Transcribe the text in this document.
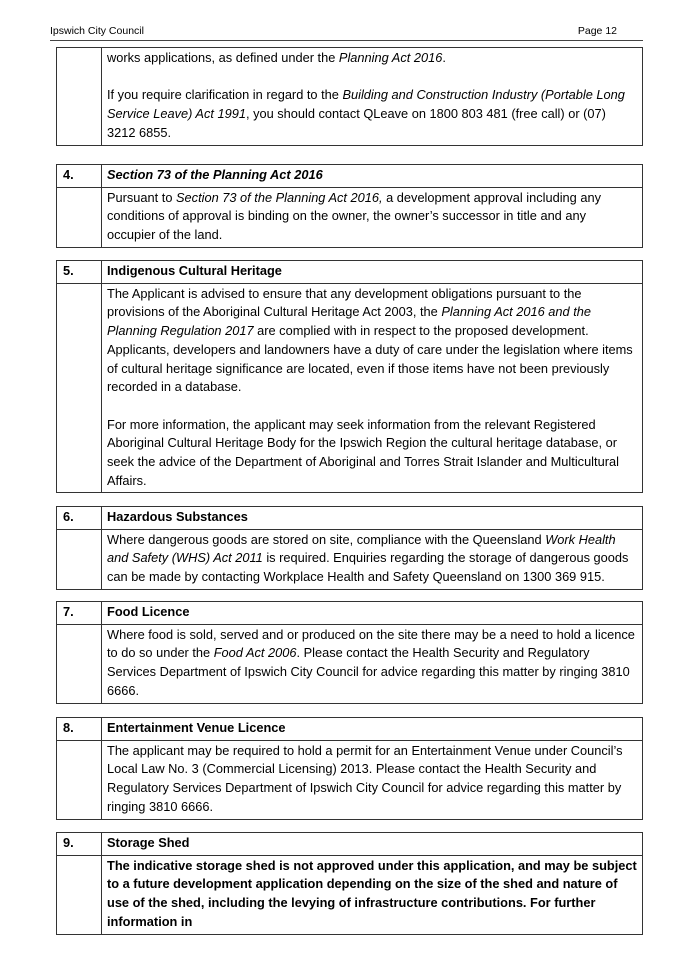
Ipswich City Council	Page 12

works applications, as defined under the Planning Act 2016.

If you require clarification in regard to the Building and Construction Industry (Portable Long Service Leave) Act 1991, you should contact QLeave on 1800 803 481 (free call) or (07) 3212 6855.

4.	Section 73 of the Planning Act 2016
	Pursuant to Section 73 of the Planning Act 2016, a development approval including any conditions of approval is binding on the owner, the owner’s successor in title and any occupier of the land.
5.	Indigenous Cultural Heritage

	The Applicant is advised to ensure that any development obligations pursuant to the provisions of the Aboriginal Cultural Heritage Act 2003, the Planning Act 2016 and the Planning Regulation 2017 are complied with in respect to the proposed development. Applicants, developers and landowners have a duty of care under the legislation where items of cultural heritage significance are located, even if those items have not been previously recorded in a database.

For more information, the applicant may seek information from the relevant Registered Aboriginal Cultural Heritage Body for the Ipswich Region the cultural heritage database, or seek the advice of the Department of Aboriginal and Torres Strait Islander and Multicultural Affairs.

6.	Hazardous Substances
	Where dangerous goods are stored on site, compliance with the Queensland Work Health and Safety (WHS) Act 2011 is required. Enquiries regarding the storage of dangerous goods can be made by contacting Workplace Health and Safety Queensland on 1300 369 915.
7.	Food Licence
	Where food is sold, served and or produced on the site there may be a need to hold a licence to do so under the Food Act 2006. Please contact the Health Security and Regulatory Services Department of Ipswich City Council for advice regarding this matter by ringing 3810 6666.
8.	Entertainment Venue Licence
	The applicant may be required to hold a permit for an Entertainment Venue under Council’s Local Law No. 3 (Commercial Licensing) 2013. Please contact the Health Security and Regulatory Services Department of Ipswich City Council for advice regarding this matter by ringing 3810 6666.
9.	Storage Shed
	The indicative storage shed is not approved under this application, and may be subject to a future development application depending on the size of the shed and nature of use of the shed, including the levying of infrastructure contributions. For further information in
